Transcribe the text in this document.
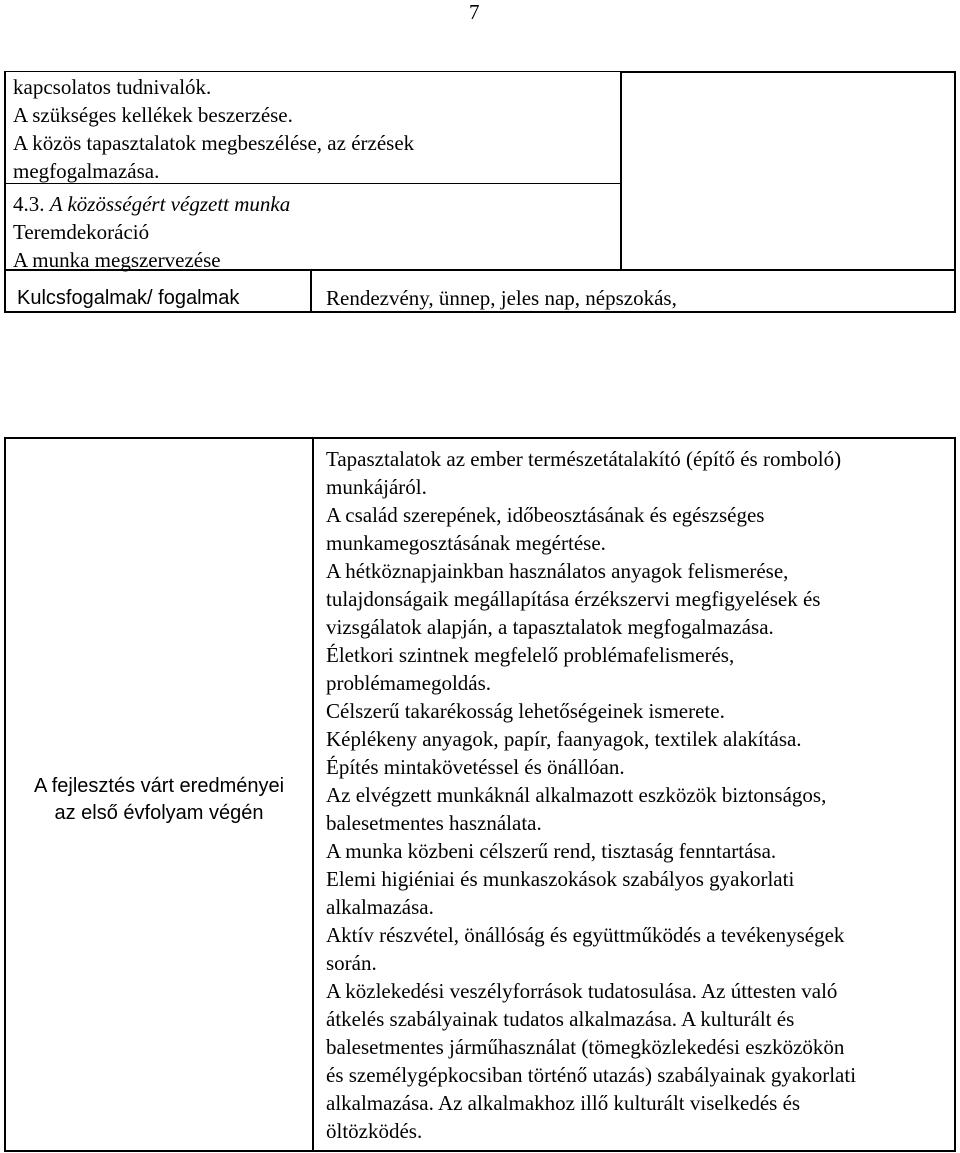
7
kapcsolatos tudnivalók.
A szükséges kellékek beszerzése.
A közös tapasztalatok megbeszélése, az érzések
megfogalmazása.
4.3. A közösségért végzett munka
Teremdekoráció
A munka megszervezése
Kulcsfogalmak/ fogalmak	Rendezvény, ünnep, jeles nap, népszokás,
A fejlesztés várt eredményei
az első évfolyam végén
Tapasztalatok az ember természetátalakító (építő és romboló)
munkájáról.
A család szerepének, időbeosztásának és egészséges
munkamegosztásának megértése.
A hétköznapjainkban használatos anyagok felismerése,
tulajdonságaik megállapítása érzékszervi megfigyelések és
vizsgálatok alapján, a tapasztalatok megfogalmazása.
Életkori szintnek megfelelő problémafelismerés,
problémamegoldás.
Célszerű takarékosság lehetőségeinek ismerete.
Képlékeny anyagok, papír, faanyagok, textilek alakítása.
Építés mintakövetéssel és önállóan.
Az elvégzett munkáknál alkalmazott eszközök biztonságos,
balesetmentes használata.
A munka közbeni célszerű rend, tisztaság fenntartása.
Elemi higiéniai és munkaszokások szabályos gyakorlati
alkalmazása.
Aktív részvétel, önállóság és együttműködés a tevékenységek
során.
A közlekedési veszélyforrások tudatosulása. Az úttesten való
átkelés szabályainak tudatos alkalmazása. A kulturált és
balesetmentes járműhasználat (tömegközlekedési eszközökön
és személygépkocsiban történő utazás) szabályainak gyakorlati
alkalmazása. Az alkalmakhoz illő kulturált viselkedés és
öltözködés.
